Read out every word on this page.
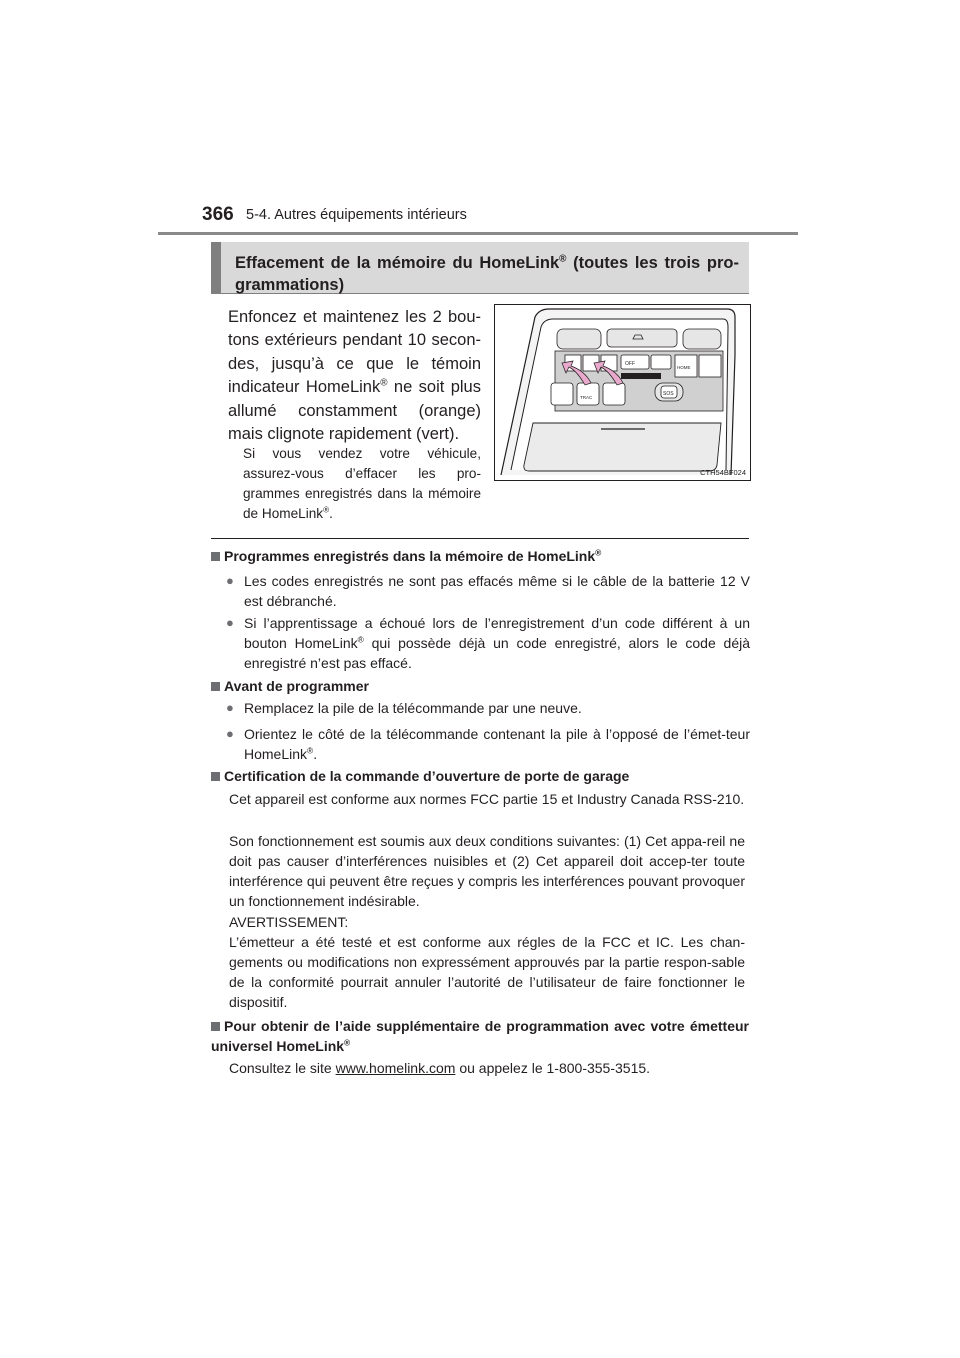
366 5-4. Autres équipements intérieurs
Effacement de la mémoire du HomeLink® (toutes les trois pro-grammations)
Enfoncez et maintenez les 2 bou-tons extérieurs pendant 10 secon-des, jusqu’à ce que le témoin indicateur HomeLink® ne soit plus allumé constamment (orange) mais clignote rapidement (vert).
Si vous vendez votre véhicule, assurez-vous d’effacer les pro-grammes enregistrés dans la mémoire de HomeLink®.
OFF
HOME
TRAC
SOS
CTH54BF024
Programmes enregistrés dans la mémoire de HomeLink®
● Les codes enregistrés ne sont pas effacés même si le câble de la batterie 12 V est débranché.
● Si l’apprentissage a échoué lors de l’enregistrement d’un code différent à un bouton HomeLink® qui possède déjà un code enregistré, alors le code déjà enregistré n’est pas effacé.
Avant de programmer
● Remplacez la pile de la télécommande par une neuve.
● Orientez le côté de la télécommande contenant la pile à l’opposé de l’émet-teur HomeLink®.
Certification de la commande d’ouverture de porte de garage
Cet appareil est conforme aux normes FCC partie 15 et Industry Canada RSS-210.
Son fonctionnement est soumis aux deux conditions suivantes: (1) Cet appa-reil ne doit pas causer d’interférences nuisibles et (2) Cet appareil doit accep-ter toute interférence qui peuvent être reçues y compris les interférences pouvant provoquer un fonctionnement indésirable.
AVERTISSEMENT:
L’émetteur a été testé et est conforme aux régles de la FCC et IC. Les chan-gements ou modifications non expressément approuvés par la partie respon-sable de la conformité pourrait annuler l’autorité de l’utilisateur de faire fonctionner le dispositif.
Pour obtenir de l’aide supplémentaire de programmation avec votre émetteur universel HomeLink®
Consultez le site www.homelink.com ou appelez le 1-800-355-3515.
